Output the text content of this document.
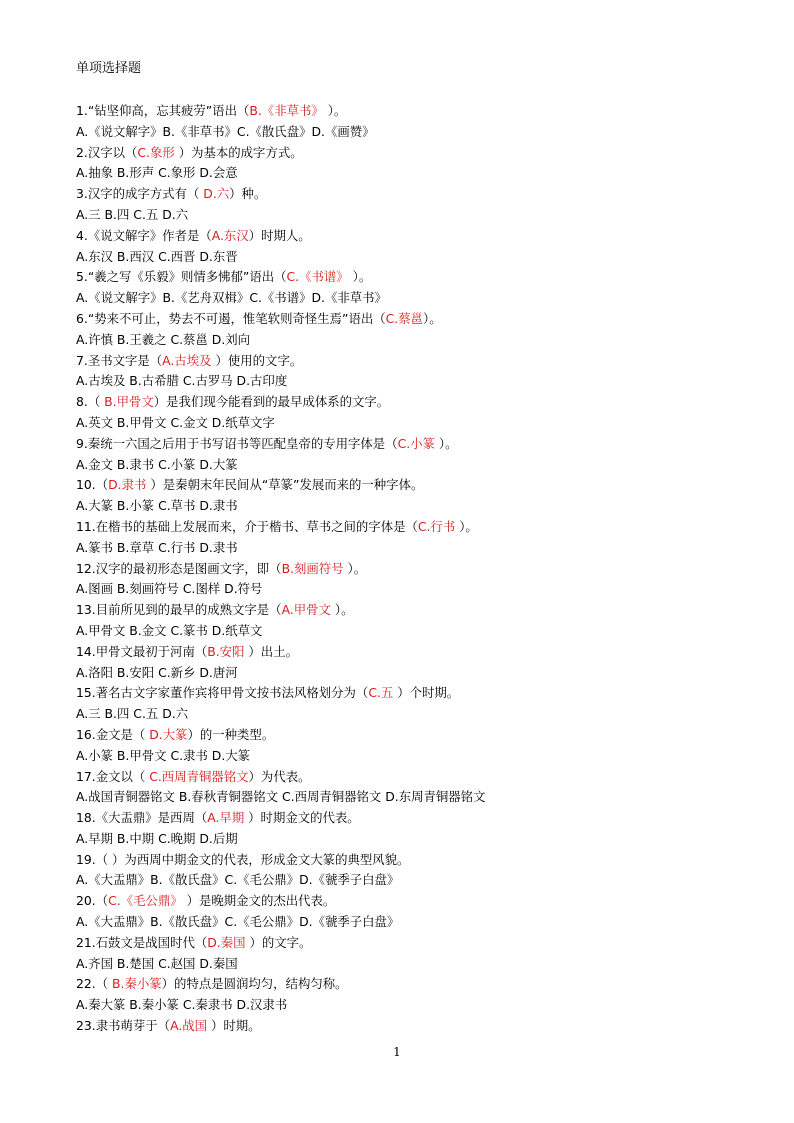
单项选择题
1.“钻坚仰高，忘其疲劳”语出（B.《非草书》 ）。
A.《说文解字》B.《非草书》C.《散氏盘》D.《画赞》
2.汉字以（C.象形 ）为基本的成字方式。
A.抽象 B.形声 C.象形 D.会意
3.汉字的成字方式有（ D.六）种。
A.三 B.四 C.五 D.六
4.《说文解字》作者是（A.东汉）时期人。
A.东汉 B.西汉 C.西晋 D.东晋
5.“羲之写《乐毅》则情多怫郁”语出（C.《书谱》 ）。
A.《说文解字》B.《艺舟双楫》C.《书谱》D.《非草书》
6.“势来不可止，势去不可遏，惟笔软则奇怪生焉”语出（C.蔡邕）。
A.许慎 B.王羲之 C.蔡邕 D.刘向
7.圣书文字是（A.古埃及 ）使用的文字。
A.古埃及 B.古希腊 C.古罗马 D.古印度
8.（ B.甲骨文）是我们现今能看到的最早成体系的文字。
A.英文 B.甲骨文 C.金文 D.纸草文字
9.秦统一六国之后用于书写诏书等匹配皇帝的专用字体是（C.小篆 ）。
A.金文 B.隶书 C.小篆 D.大篆
10.（D.隶书 ）是秦朝末年民间从“草篆”发展而来的一种字体。
A.大篆 B.小篆 C.草书 D.隶书
11.在楷书的基础上发展而来，介于楷书、草书之间的字体是（C.行书 ）。
A.篆书 B.章草 C.行书 D.隶书
12.汉字的最初形态是图画文字，即（B.刻画符号 ）。
A.图画 B.刻画符号 C.图样 D.符号
13.目前所见到的最早的成熟文字是（A.甲骨文 ）。
A.甲骨文 B.金文 C.篆书 D.纸草文
14.甲骨文最初于河南（B.安阳 ）出土。
A.洛阳 B.安阳 C.新乡 D.唐河
15.著名古文字家董作宾将甲骨文按书法风格划分为（C.五 ）个时期。
A.三 B.四 C.五 D.六
16.金文是（ D.大篆）的一种类型。
A.小篆 B.甲骨文 C.隶书 D.大篆
17.金文以（ C.西周青铜器铭文）为代表。
A.战国青铜器铭文 B.春秋青铜器铭文 C.西周青铜器铭文 D.东周青铜器铭文
18.《大盂鼎》是西周（A.早期 ）时期金文的代表。
A.早期 B.中期 C.晚期 D.后期
19.（ ）为西周中期金文的代表，形成金文大篆的典型风貌。
A.《大盂鼎》B.《散氏盘》C.《毛公鼎》D.《虢季子白盘》
20.（C.《毛公鼎》 ）是晚期金文的杰出代表。
A.《大盂鼎》B.《散氏盘》C.《毛公鼎》D.《虢季子白盘》
21.石鼓文是战国时代（D.秦国 ）的文字。
A.齐国 B.楚国 C.赵国 D.秦国
22.（ B.秦小篆）的特点是圆润均匀，结构匀称。
A.秦大篆 B.秦小篆 C.秦隶书 D.汉隶书
23.隶书萌芽于（A.战国 ）时期。
1
